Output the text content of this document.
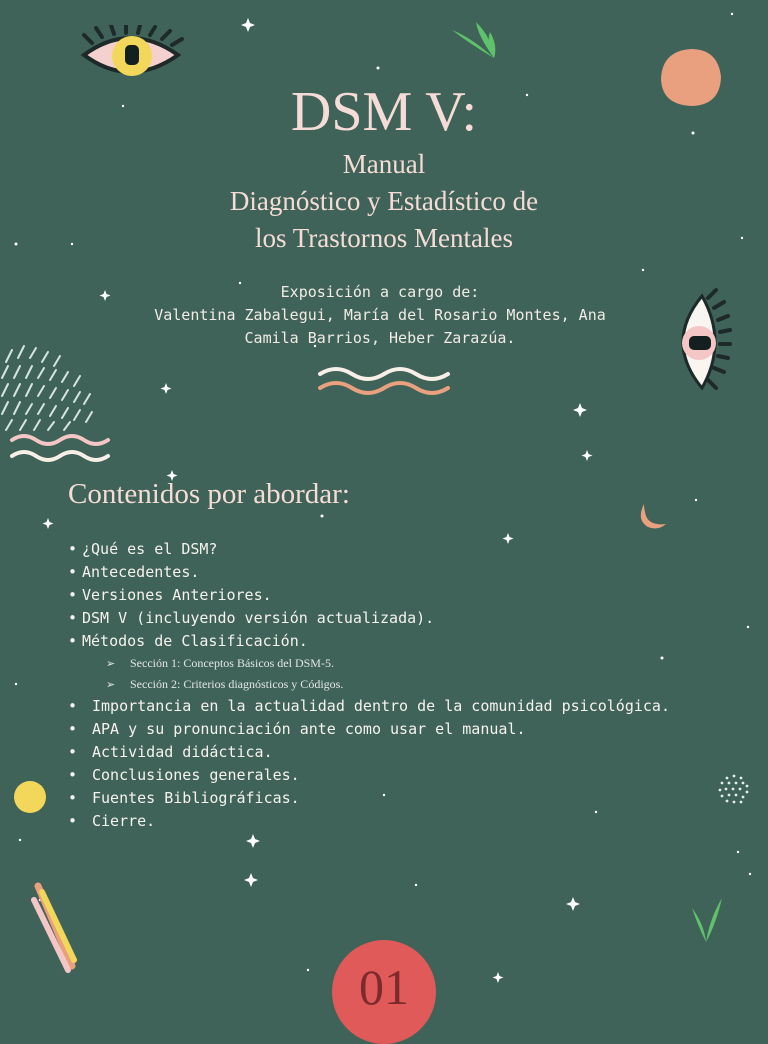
DSM V:
Manual
Diagnóstico y Estadístico de
los Trastornos Mentales
Exposición a cargo de:
Valentina Zabalegui, María del Rosario Montes, Ana
Camila Barrios, Heber Zarazúa.
Contenidos por abordar:
• ¿Qué es el DSM?
• Antecedentes.
• Versiones Anteriores.
• DSM V (incluyendo versión actualizada).
• Métodos de Clasificación.
➢ Sección 1: Conceptos Básicos del DSM-5.
➢ Sección 2: Criterios diagnósticos y Códigos.
• Importancia en la actualidad dentro de la comunidad psicológica.
• APA y su pronunciación ante como usar el manual.
• Actividad didáctica.
• Conclusiones generales.
• Fuentes Bibliográficas.
• Cierre.
01
